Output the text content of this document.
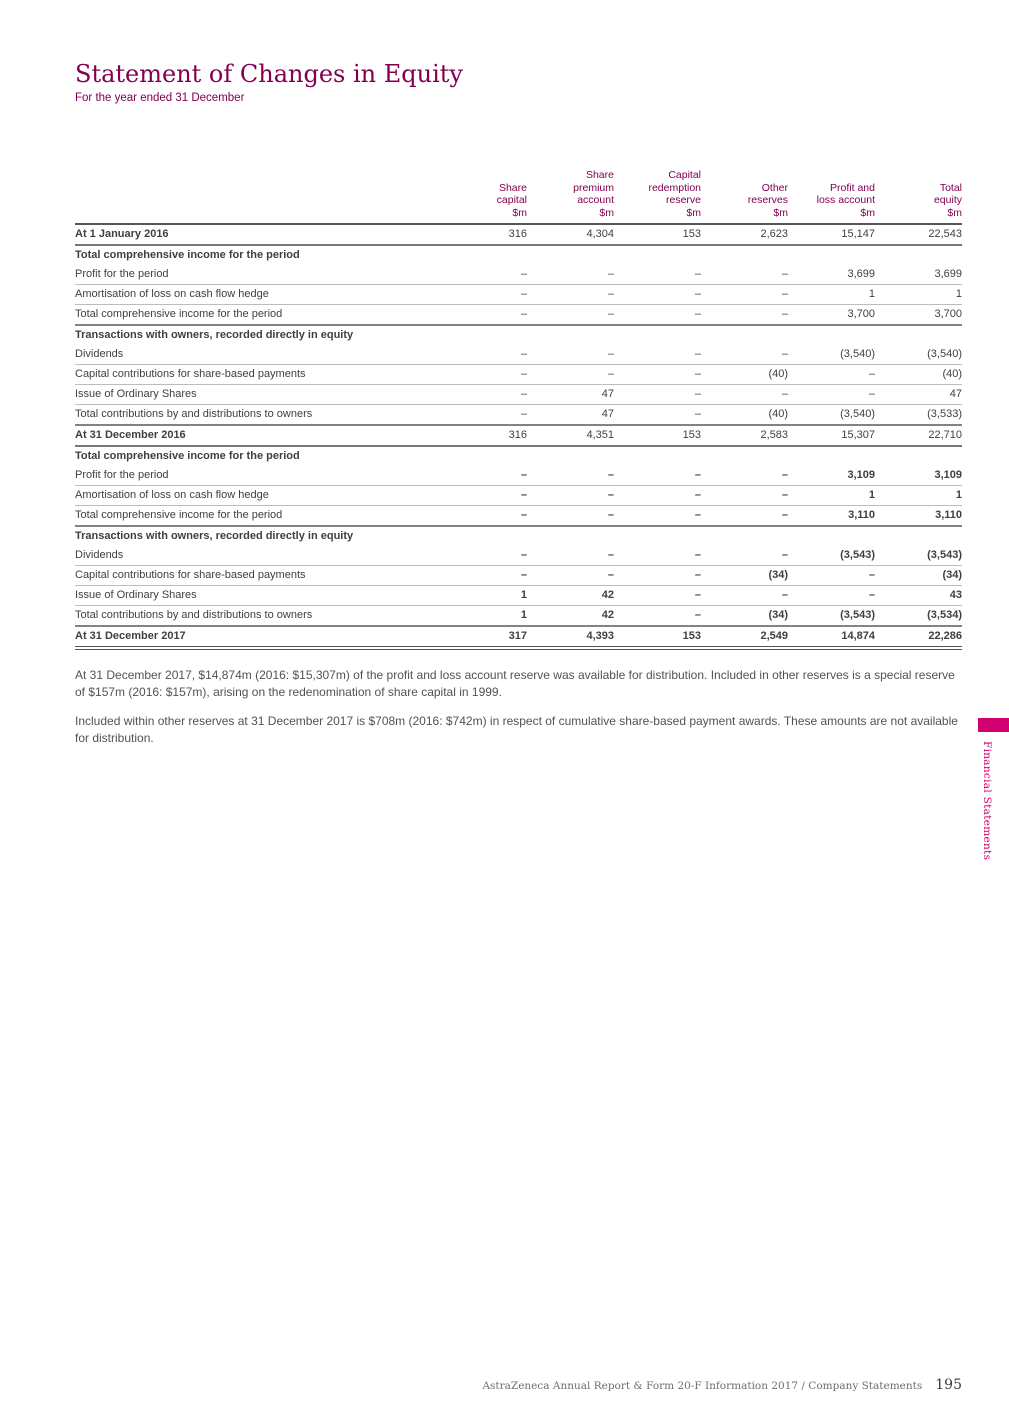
Statement of Changes in Equity
For the year ended 31 December
	Share
capital
$m	Share
premium
account
$m	Capital
redemption
reserve
$m	Other
reserves
$m	Profit and
loss account
$m	Total
equity
$m
At 1 January 2016	316	4,304	153	2,623	15,147	22,543
Total comprehensive income for the period						
Profit for the period	–	–	–	–	3,699	3,699
Amortisation of loss on cash flow hedge	–	–	–	–	1	1
Total comprehensive income for the period	–	–	–	–	3,700	3,700
Transactions with owners, recorded directly in equity						
Dividends	–	–	–	–	(3,540)	(3,540)
Capital contributions for share-based payments	–	–	–	(40)	–	(40)
Issue of Ordinary Shares	–	47	–	–	–	47
Total contributions by and distributions to owners	–	47	–	(40)	(3,540)	(3,533)
At 31 December 2016	316	4,351	153	2,583	15,307	22,710
Total comprehensive income for the period						
Profit for the period	–	–	–	–	3,109	3,109
Amortisation of loss on cash flow hedge	–	–	–	–	1	1
Total comprehensive income for the period	–	–	–	–	3,110	3,110
Transactions with owners, recorded directly in equity						
Dividends	–	–	–	–	(3,543)	(3,543)
Capital contributions for share-based payments	–	–	–	(34)	–	(34)
Issue of Ordinary Shares	1	42	–	–	–	43
Total contributions by and distributions to owners	1	42	–	(34)	(3,543)	(3,534)
At 31 December 2017	317	4,393	153	2,549	14,874	22,286

At 31 December 2017, $14,874m (2016: $15,307m) of the profit and loss account reserve was available for distribution. Included in other reserves is a special reserve of $157m (2016: $157m), arising on the redenomination of share capital in 1999.

Included within other reserves at 31 December 2017 is $708m (2016: $742m) in respect of cumulative share-based payment awards. These amounts are not available for distribution.

Financial Statements
AstraZeneca Annual Report & Form 20-F Information 2017 / Company Statements 195
